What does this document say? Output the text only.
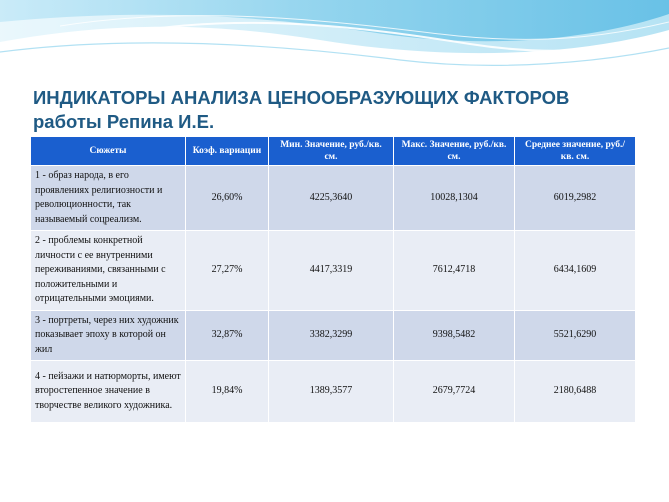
ИНДИКАТОРЫ АНАЛИЗА ЦЕНООБРАЗУЮЩИХ ФАКТОРОВ
работы Репина И.Е.
Сюжеты	Коэф. вариации	Мин. Значение, руб./кв. см.	Макс. Значение, руб./кв. см.	Среднее значение, руб./кв. см.
1 - образ народа, в его проявлениях религиозности и революционности, так называемый соцреализм.	26,60%	4225,3640	10028,1304	6019,2982
2 - проблемы конкретной личности с ее внутренними переживаниями, связанными с положительными и отрицательными эмоциями.	27,27%	4417,3319	7612,4718	6434,1609
3 - портреты, через них художник показывает эпоху в которой он жил	32,87%	3382,3299	9398,5482	5521,6290
4 - пейзажи и натюрморты, имеют второстепенное значение в творчестве великого художника.	19,84%	1389,3577	2679,7724	2180,6488
